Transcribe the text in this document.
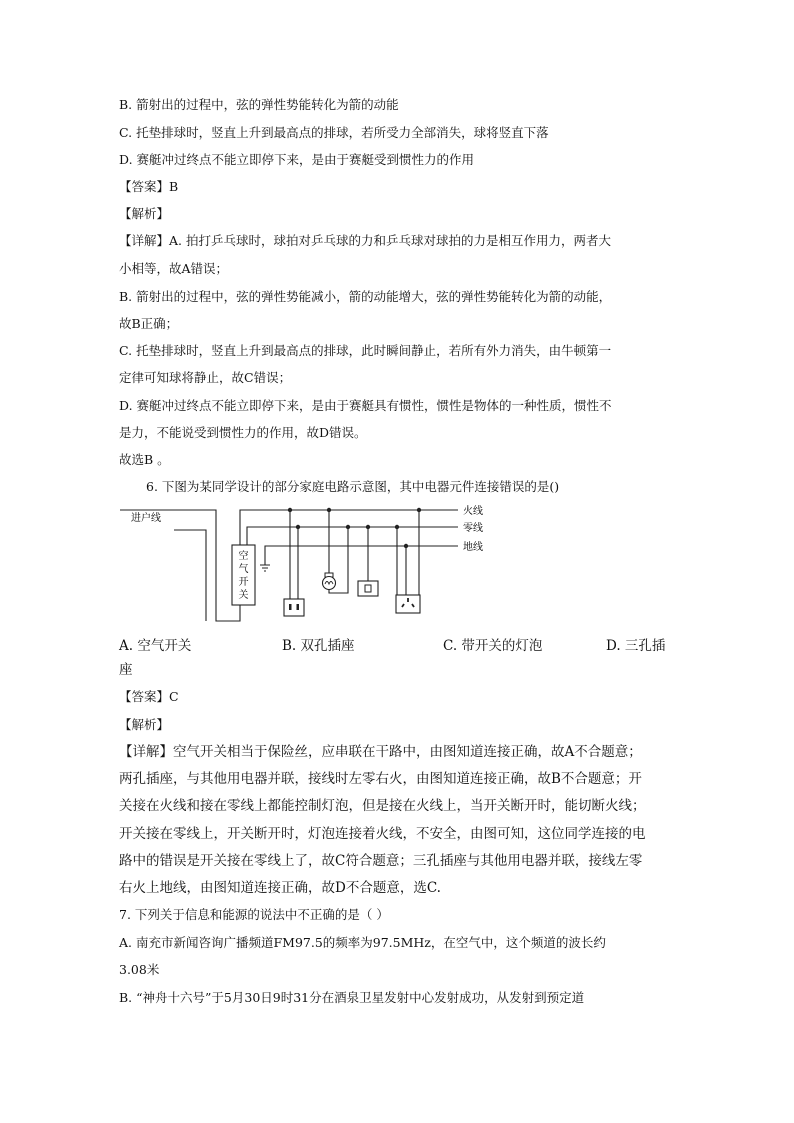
B. 箭射出的过程中，弦的弹性势能转化为箭的动能
C. 托垫排球时，竖直上升到最高点的排球，若所受力全部消失，球将竖直下落
D. 赛艇冲过终点不能立即停下来，是由于赛艇受到惯性力的作用
【答案】B
【解析】
【详解】A. 拍打乒乓球时，球拍对乒乓球的力和乒乓球对球拍的力是相互作用力，两者大
小相等，故A错误；
B. 箭射出的过程中，弦的弹性势能减小，箭的动能增大，弦的弹性势能转化为箭的动能，
故B正确；
C. 托垫排球时，竖直上升到最高点的排球，此时瞬间静止，若所有外力消失，由牛顿第一
定律可知球将静止，故C错误；
D. 赛艇冲过终点不能立即停下来，是由于赛艇具有惯性，惯性是物体的一种性质，惯性不
是力，不能说受到惯性力的作用，故D错误。
故选B 。
6. 下图为某同学设计的部分家庭电路示意图，其中电器元件连接错误的是()
空
气
开
关
进户线
火线
零线
地线
A. 空气开关	B. 双孔插座	C. 带开关的灯泡	D. 三孔插
座
【答案】C
【解析】
【详解】空气开关相当于保险丝，应串联在干路中，由图知道连接正确，故A不合题意；
两孔插座，与其他用电器并联，接线时左零右火，由图知道连接正确，故B不合题意；开
关接在火线和接在零线上都能控制灯泡，但是接在火线上，当开关断开时，能切断火线；
开关接在零线上，开关断开时，灯泡连接着火线，不安全，由图可知，这位同学连接的电
路中的错误是开关接在零线上了，故C符合题意；三孔插座与其他用电器并联，接线左零
右火上地线，由图知道连接正确，故D不合题意，选C.
7. 下列关于信息和能源的说法中不正确的是（ ）
A. 南充市新闻咨询广播频道FM97.5的频率为97.5MHz，在空气中，这个频道的波长约
3.08米
B. “神舟十六号”于5月30日9时31分在酒泉卫星发射中心发射成功，从发射到预定道
